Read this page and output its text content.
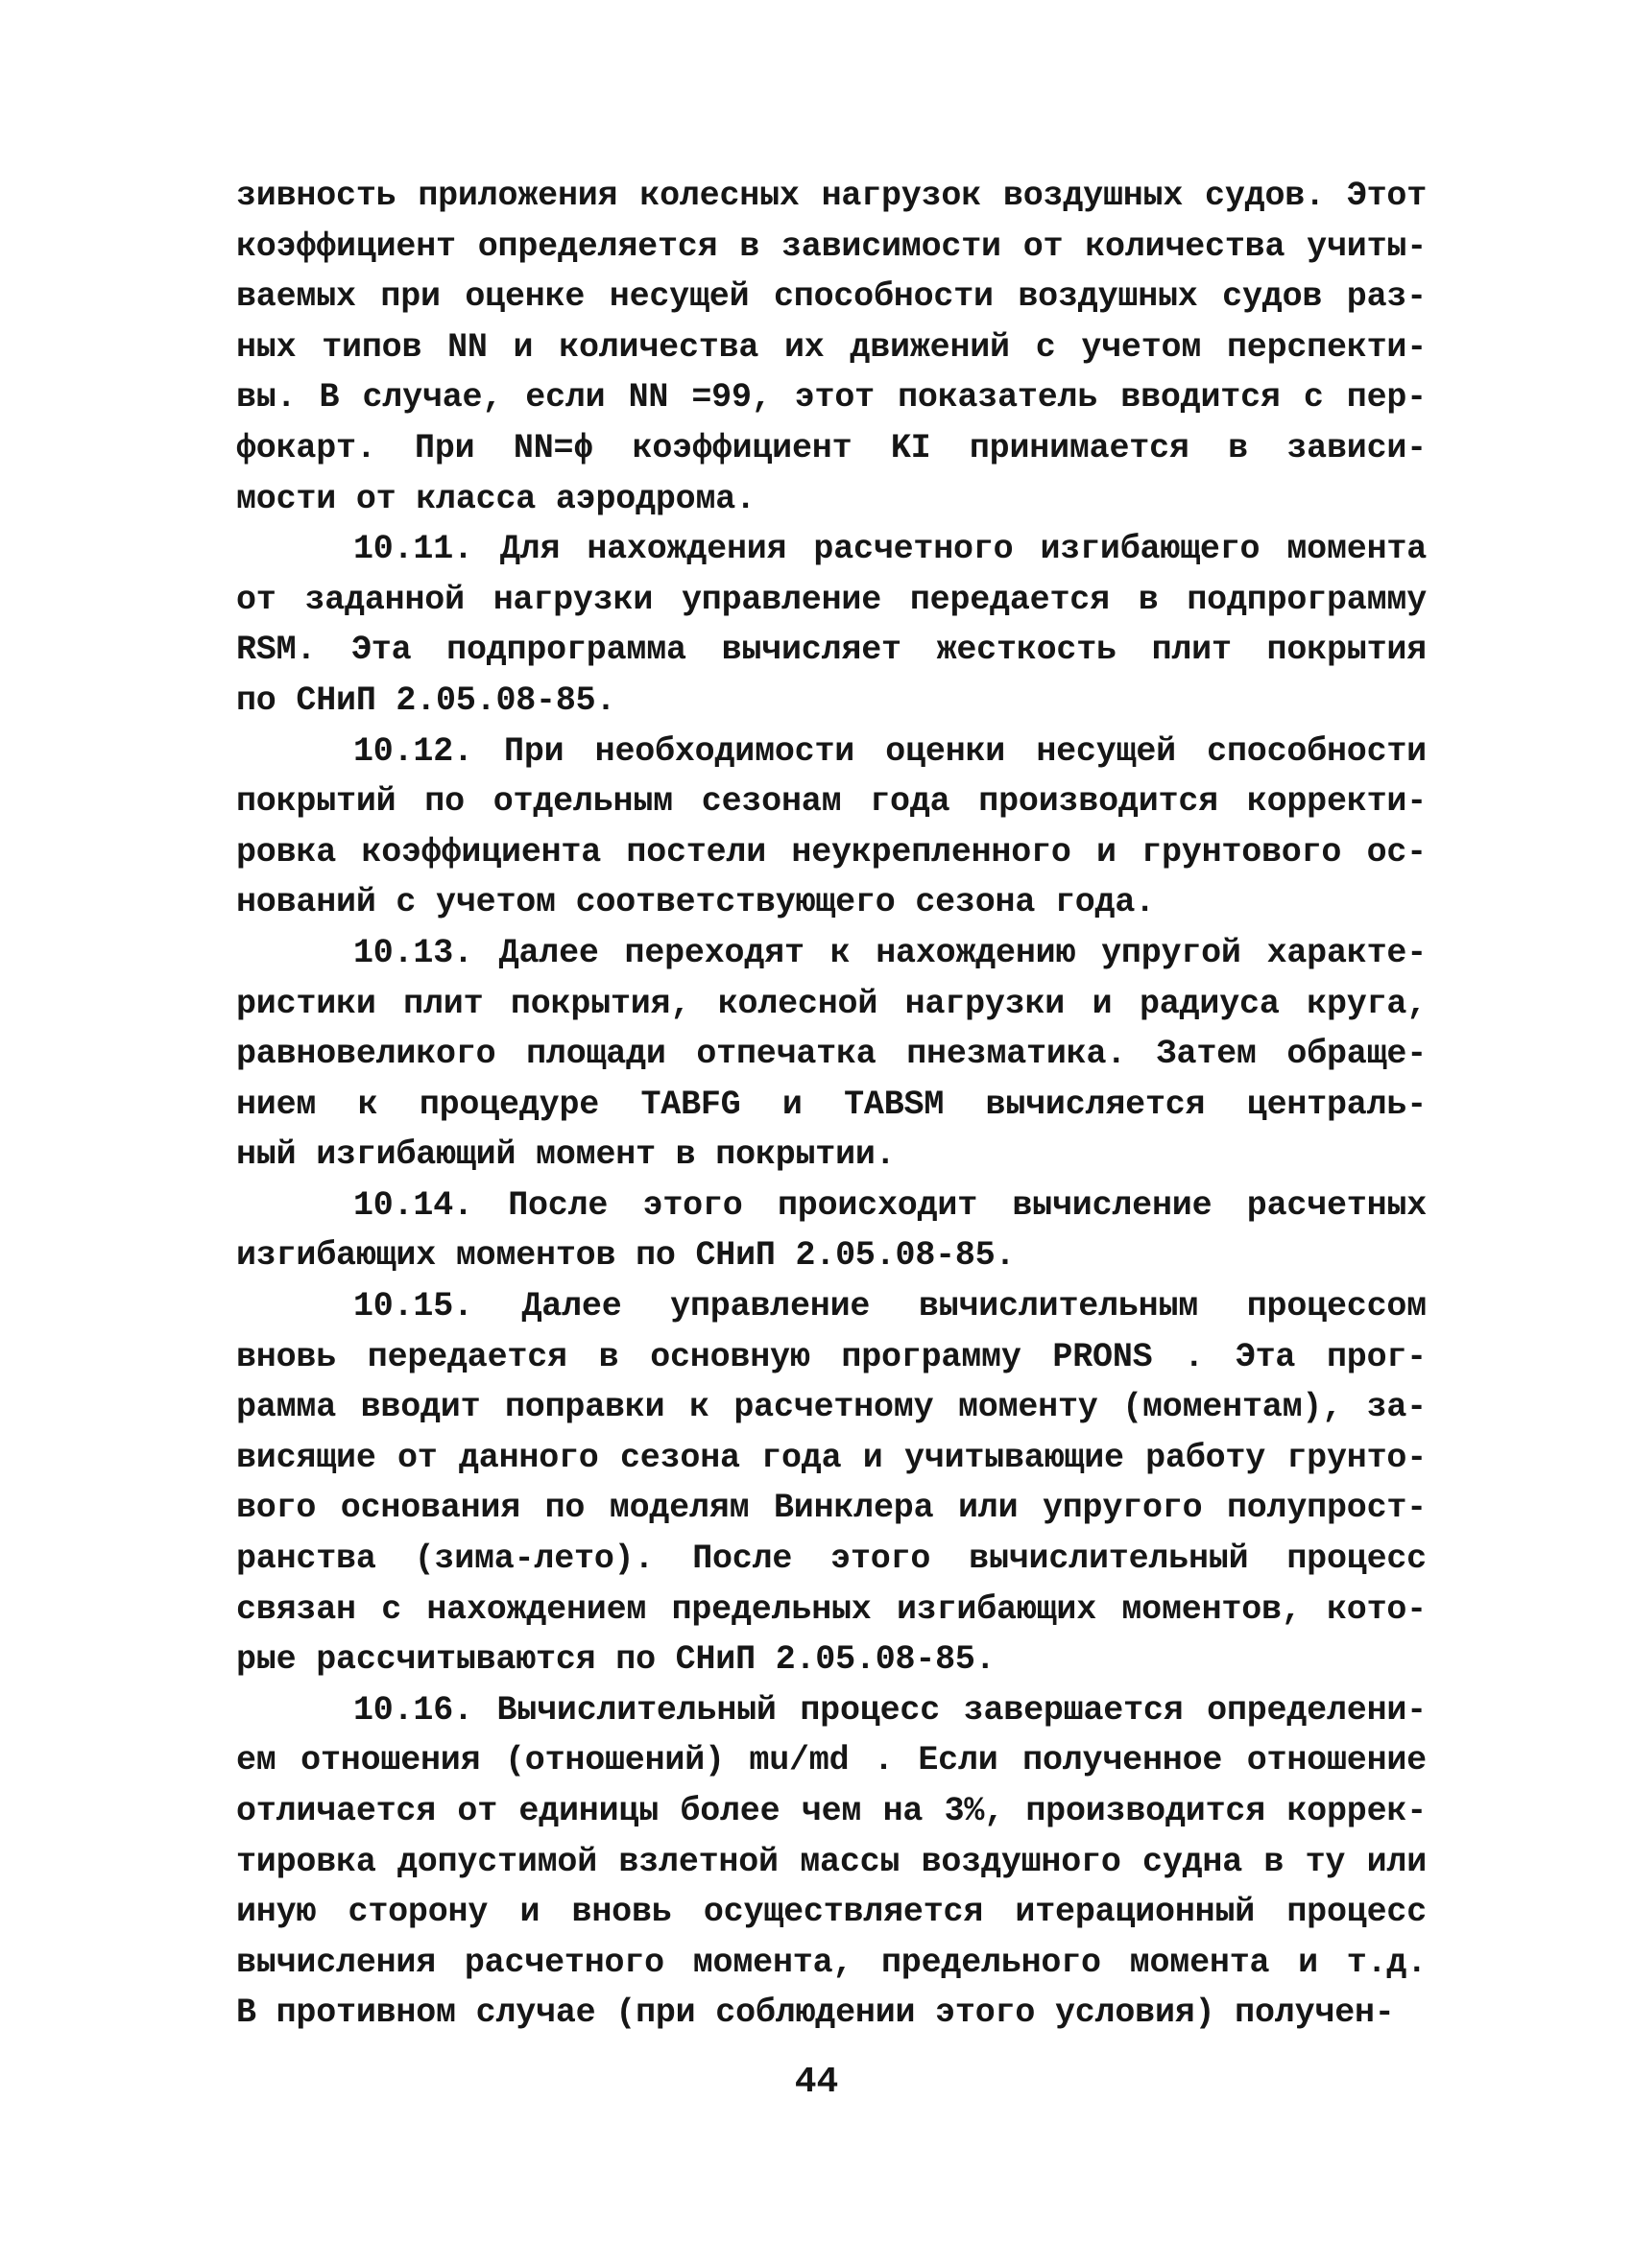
зивность приложения колесных нагрузок воздушных судов. Этот
коэффициент определяется в зависимости от количества учиты-
ваемых при оценке несущей способности воздушных судов раз-
ных типов NN и количества их движений с учетом перспекти-
вы. В случае, если NN =99, этот показатель вводится с пер-
фокарт. При NN=ϕ коэффициент KI принимается в зависи-
мости от класса аэродрома.
10.11. Для нахождения расчетного изгибающего момента
от заданной нагрузки управление передается в подпрограмму
RSM. Эта подпрограмма вычисляет жесткость плит покрытия
по СНиП 2.05.08-85.
10.12. При необходимости оценки несущей способности
покрытий по отдельным сезонам года производится корректи-
ровка коэффициента постели неукрепленного и грунтового ос-
нований с учетом соответствующего сезона года.
10.13. Далее переходят к нахождению упругой характе-
ристики плит покрытия, колесной нагрузки и радиуса круга,
равновеликого площади отпечатка пнезматика. Затем обраще-
нием к процедуре TABFG и TABSM вычисляется централь-
ный изгибающий момент в покрытии.
10.14. После этого происходит вычисление расчетных
изгибающих моментов по СНиП 2.05.08-85.
10.15. Далее управление вычислительным процессом
вновь передается в основную программу PRONS . Эта прог-
рамма вводит поправки к расчетному моменту (моментам), за-
висящие от данного сезона года и учитывающие работу грунто-
вого основания по моделям Винклера или упругого полупрост-
ранства (зима-лето). После этого вычислительный процесс
связан с нахождением предельных изгибающих моментов, кото-
рые рассчитываются по СНиП 2.05.08-85.
10.16. Вычислительный процесс завершается определени-
ем отношения (отношений) mu/md . Если полученное отношение
отличается от единицы более чем на 3%, производится коррек-
тировка допустимой взлетной массы воздушного судна в ту или
иную сторону и вновь осуществляется итерационный процесс
вычисления расчетного момента, предельного момента и т.д.
В противном случае (при соблюдении этого условия) получен-
44
